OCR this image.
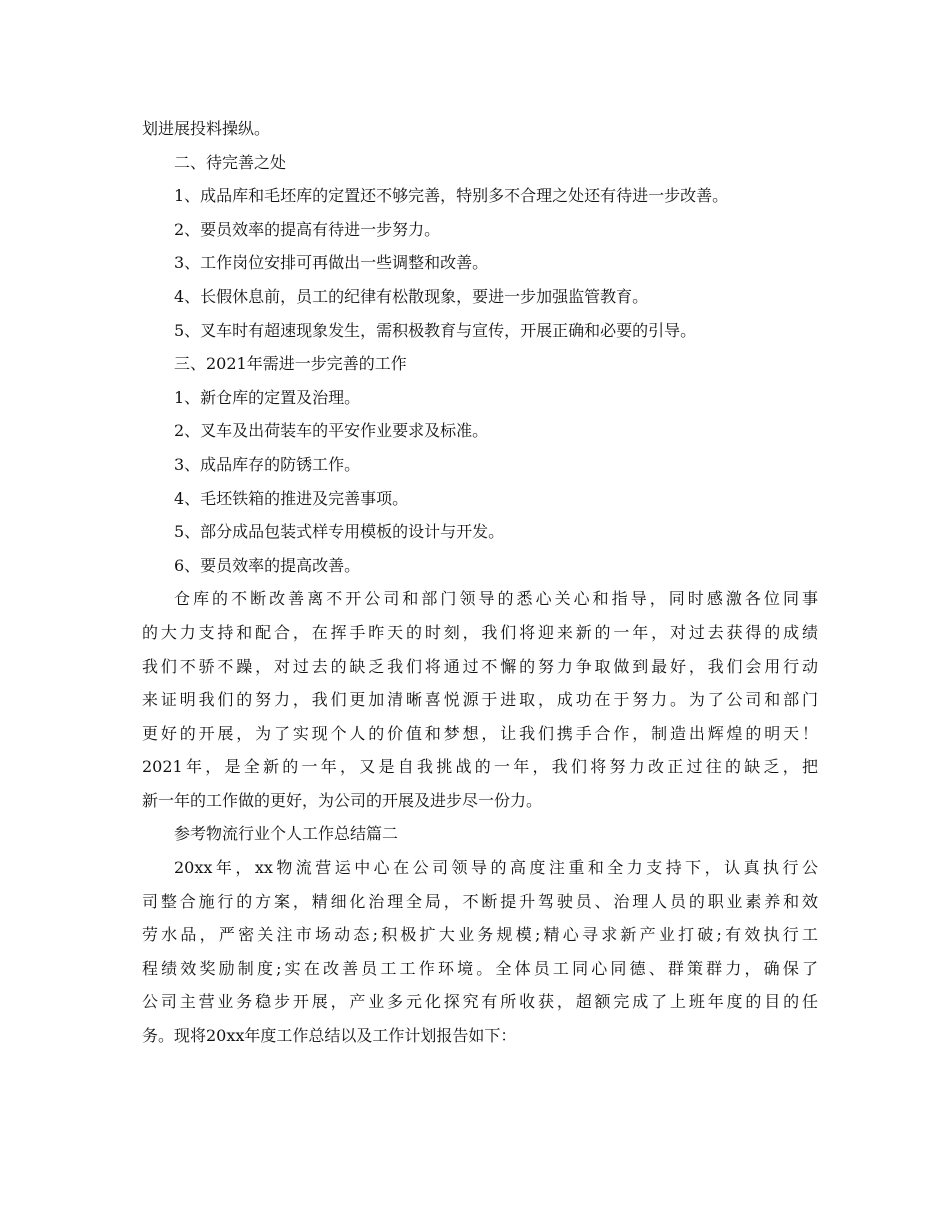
划进展投料操纵。
二、待完善之处
1、成品库和毛坯库的定置还不够完善，特别多不合理之处还有待进一步改善。
2、要员效率的提高有待进一步努力。
3、工作岗位安排可再做出一些调整和改善。
4、长假休息前，员工的纪律有松散现象，要进一步加强监管教育。
5、叉车时有超速现象发生，需积极教育与宣传，开展正确和必要的引导。
三、2021年需进一步完善的工作
1、新仓库的定置及治理。
2、叉车及出荷装车的平安作业要求及标准。
3、成品库存的防锈工作。
4、毛坯铁箱的推进及完善事项。
5、部分成品包装式样专用模板的设计与开发。
6、要员效率的提高改善。
仓库的不断改善离不开公司和部门领导的悉心关心和指导，同时感激各位同事
的大力支持和配合，在挥手昨天的时刻，我们将迎来新的一年，对过去获得的成绩
我们不骄不躁，对过去的缺乏我们将通过不懈的努力争取做到最好，我们会用行动
来证明我们的努力，我们更加清晰喜悦源于进取，成功在于努力。为了公司和部门
更好的开展，为了实现个人的价值和梦想，让我们携手合作，制造出辉煌的明天！
2021年，是全新的一年，又是自我挑战的一年，我们将努力改正过往的缺乏，把
新一年的工作做的更好，为公司的开展及进步尽一份力。
参考物流行业个人工作总结篇二
20xx年，xx物流营运中心在公司领导的高度注重和全力支持下，认真执行公
司整合施行的方案，精细化治理全局，不断提升驾驶员、治理人员的职业素养和效
劳水品，严密关注市场动态;积极扩大业务规模;精心寻求新产业打破;有效执行工
程绩效奖励制度;实在改善员工工作环境。全体员工同心同德、群策群力，确保了
公司主营业务稳步开展，产业多元化探究有所收获，超额完成了上班年度的目的任
务。现将20xx年度工作总结以及工作计划报告如下：
